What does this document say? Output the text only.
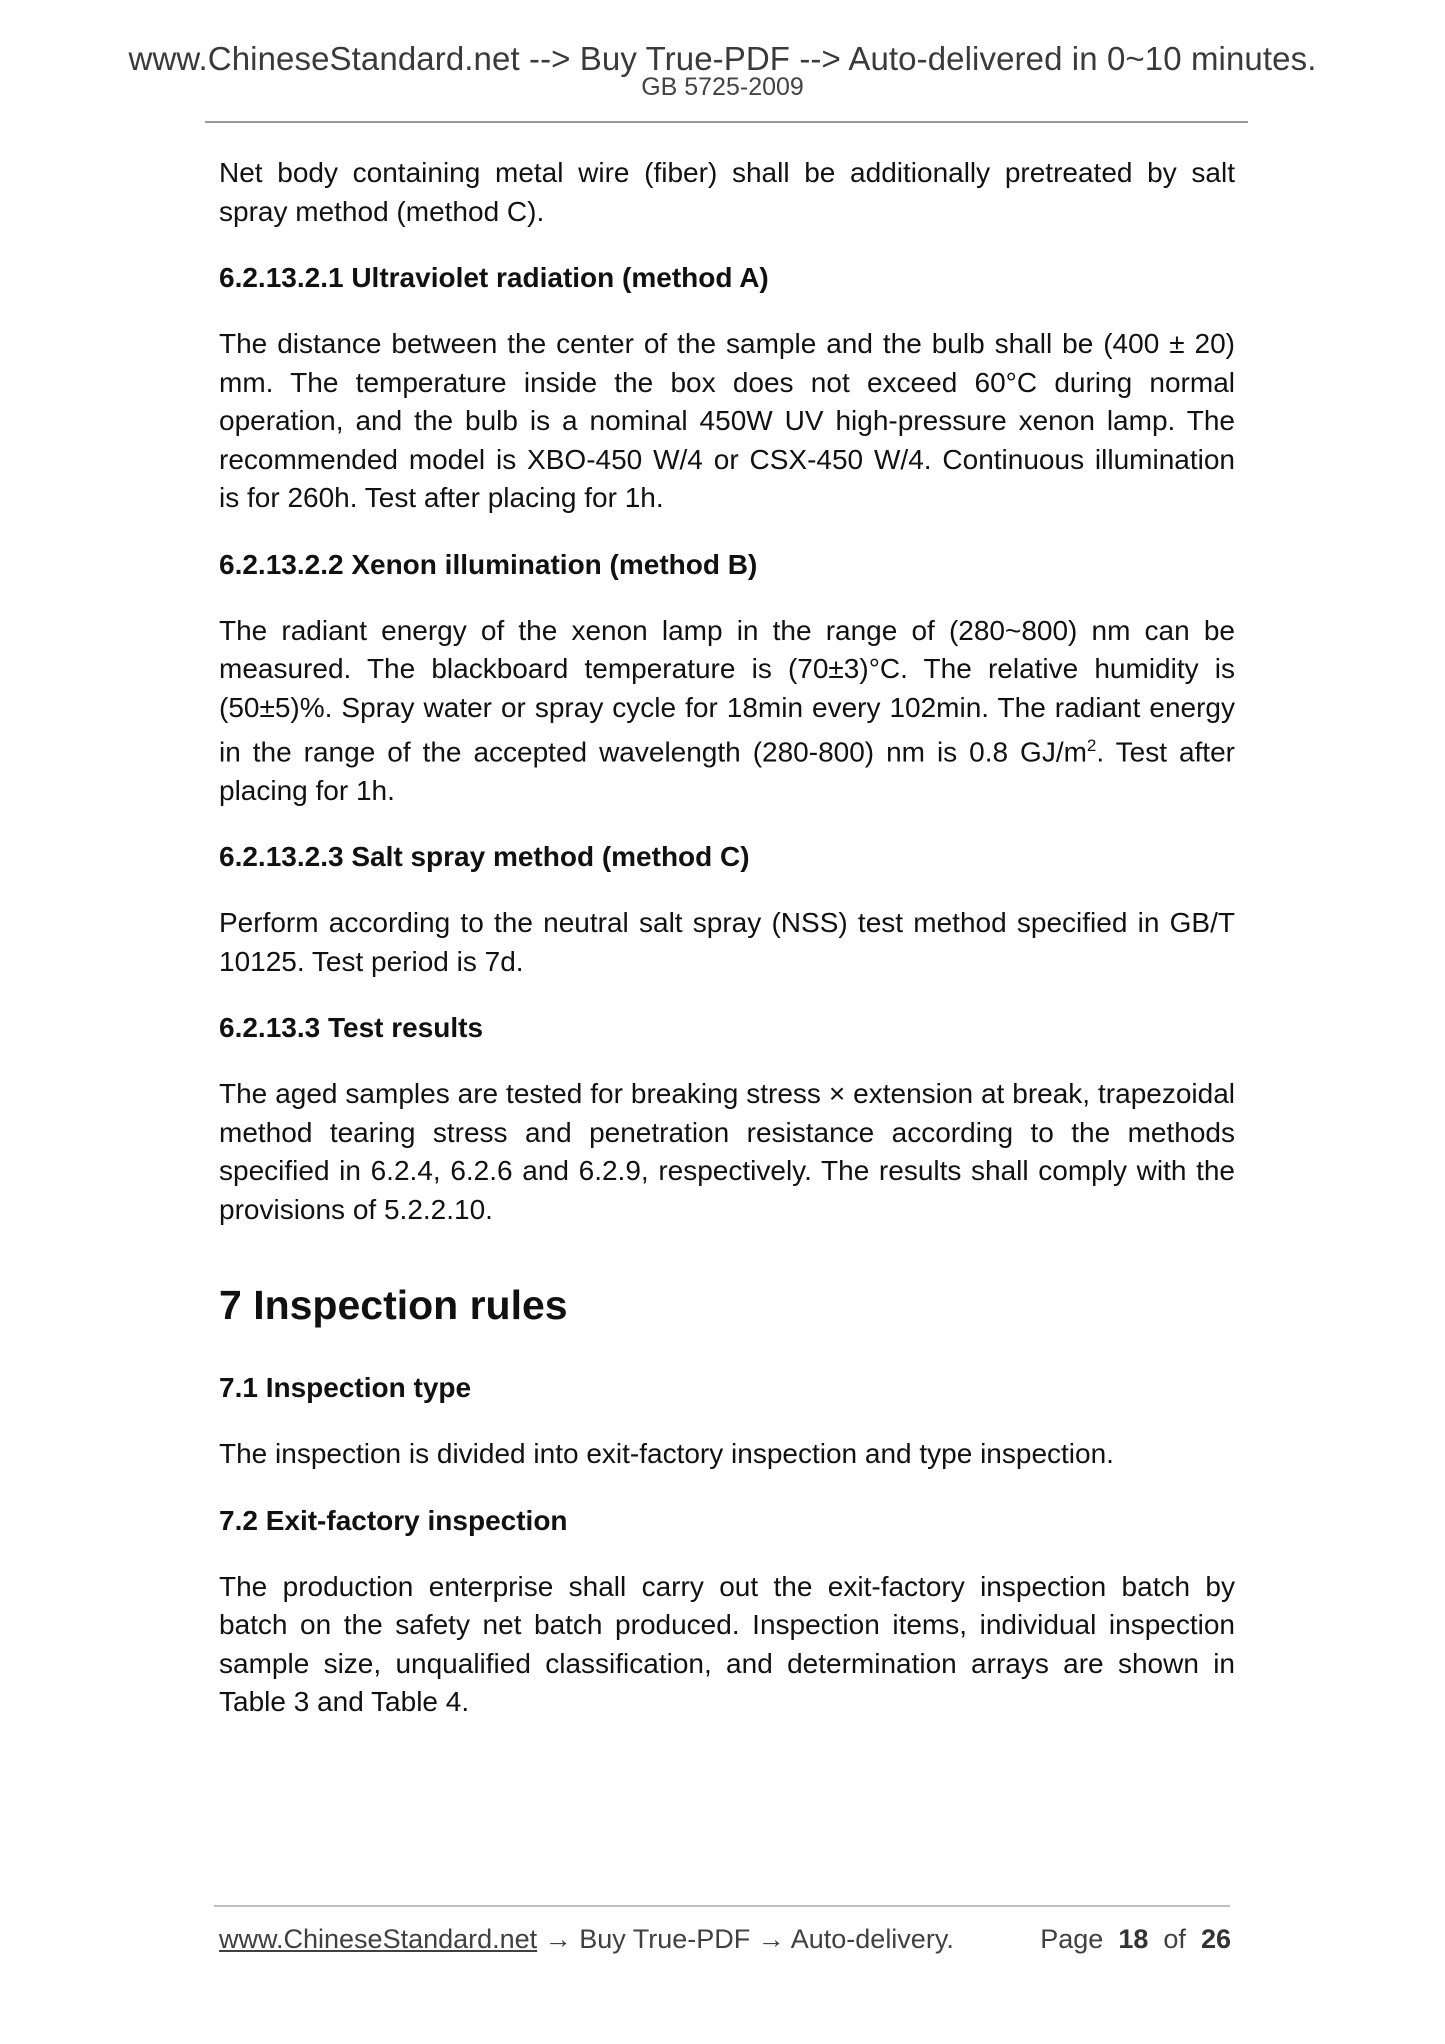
www.ChineseStandard.net --> Buy True-PDF --> Auto-delivered in 0~10 minutes.
GB 5725-2009

Net body containing metal wire (fiber) shall be additionally pretreated by salt spray method (method C).

6.2.13.2.1 Ultraviolet radiation (method A)

The distance between the center of the sample and the bulb shall be (400 ± 20) mm. The temperature inside the box does not exceed 60°C during normal operation, and the bulb is a nominal 450W UV high-pressure xenon lamp. The recommended model is XBO-450 W/4 or CSX-450 W/4. Continuous illumination is for 260h. Test after placing for 1h.

6.2.13.2.2 Xenon illumination (method B)

The radiant energy of the xenon lamp in the range of (280~800) nm can be measured. The blackboard temperature is (70±3)°C. The relative humidity is (50±5)%. Spray water or spray cycle for 18min every 102min. The radiant energy in the range of the accepted wavelength (280-800) nm is 0.8 $GJ/m^2$. Test after placing for 1h.

6.2.13.2.3 Salt spray method (method C)

Perform according to the neutral salt spray (NSS) test method specified in GB/T 10125. Test period is 7d.

6.2.13.3 Test results

The aged samples are tested for breaking stress × extension at break, trapezoidal method tearing stress and penetration resistance according to the methods specified in 6.2.4, 6.2.6 and 6.2.9, respectively. The results shall comply with the provisions of 5.2.2.10.

7 Inspection rules
7.1 Inspection type

The inspection is divided into exit-factory inspection and type inspection.

7.2 Exit-factory inspection

The production enterprise shall carry out the exit-factory inspection batch by batch on the safety net batch produced. Inspection items, individual inspection sample size, unqualified classification, and determination arrays are shown in Table 3 and Table 4.

www.ChineseStandard.net → Buy True-PDF → Auto-delivery.	Page 18 of 26
